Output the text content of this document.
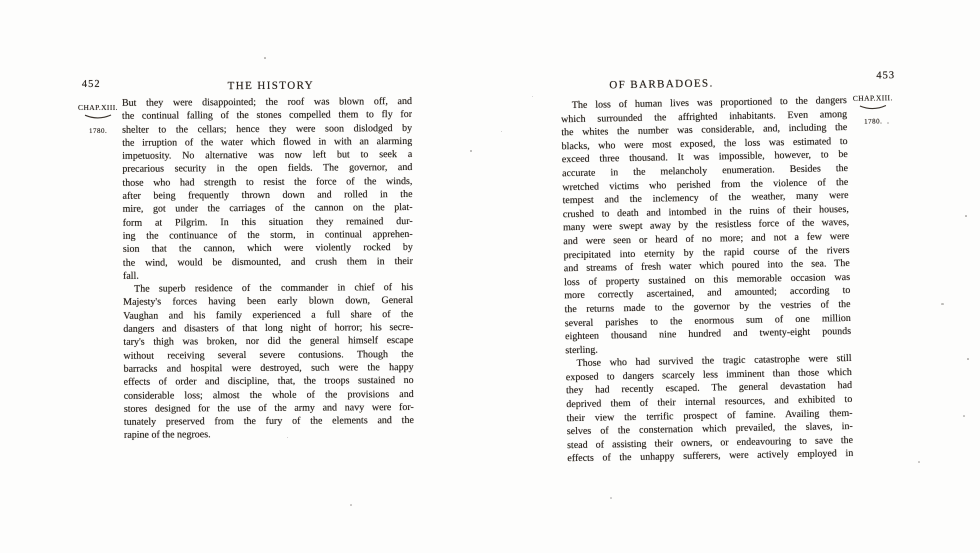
452	THE HISTORY
CHAP.XIII.
1780.
But they were disappointed; the roof was blown off, and
the continual falling of the stones compelled them to fly for
shelter to the cellars; hence they were soon dislodged by
the irruption of the water which flowed in with an alarming
impetuosity. No alternative was now left but to seek a
precarious security in the open fields. The governor, and
those who had strength to resist the force of the winds,
after being frequently thrown down and rolled in the
mire, got under the carriages of the cannon on the plat-
form at Pilgrim. In this situation they remained dur-
ing the continuance of the storm, in continual apprehen-
sion that the cannon, which were violently rocked by
the wind, would be dismounted, and crush them in their
fall.
The superb residence of the commander in chief of his
Majesty's forces having been early blown down, General
Vaughan and his family experienced a full share of the
dangers and disasters of that long night of horror; his secre-
tary's thigh was broken, nor did the general himself escape
without receiving several severe contusions. Though the
barracks and hospital were destroyed, such were the happy
effects of order and discipline, that, the troops sustained no
considerable loss; almost the whole of the provisions and
stores designed for the use of the army and navy were for-
tunately preserved from the fury of the elements and the
rapine of the negroes.
453
OF BARBADOES.
CHAP.XIII.
1780.
The loss of human lives was proportioned to the dangers
which surrounded the affrighted inhabitants. Even among
the whites the number was considerable, and, including the
blacks, who were most exposed, the loss was estimated to
exceed three thousand. It was impossible, however, to be
accurate in the melancholy enumeration. Besides the
wretched victims who perished from the violence of the
tempest and the inclemency of the weather, many were
crushed to death and intombed in the ruins of their houses,
many were swept away by the resistless force of the waves,
and were seen or heard of no more; and not a few were
precipitated into eternity by the rapid course of the rivers
and streams of fresh water which poured into the sea. The
loss of property sustained on this memorable occasion was
more correctly ascertained, and amounted; according to
the returns made to the governor by the vestries of the
several parishes to the enormous sum of one million
eighteen thousand nine hundred and twenty-eight pounds
sterling.
Those who had survived the tragic catastrophe were still
exposed to dangers scarcely less imminent than those which
they had recently escaped. The general devastation had
deprived them of their internal resources, and exhibited to
their view the terrific prospect of famine. Availing them-
selves of the consternation which prevailed, the slaves, in-
stead of assisting their owners, or endeavouring to save the
effects of the unhappy sufferers, were actively employed in
